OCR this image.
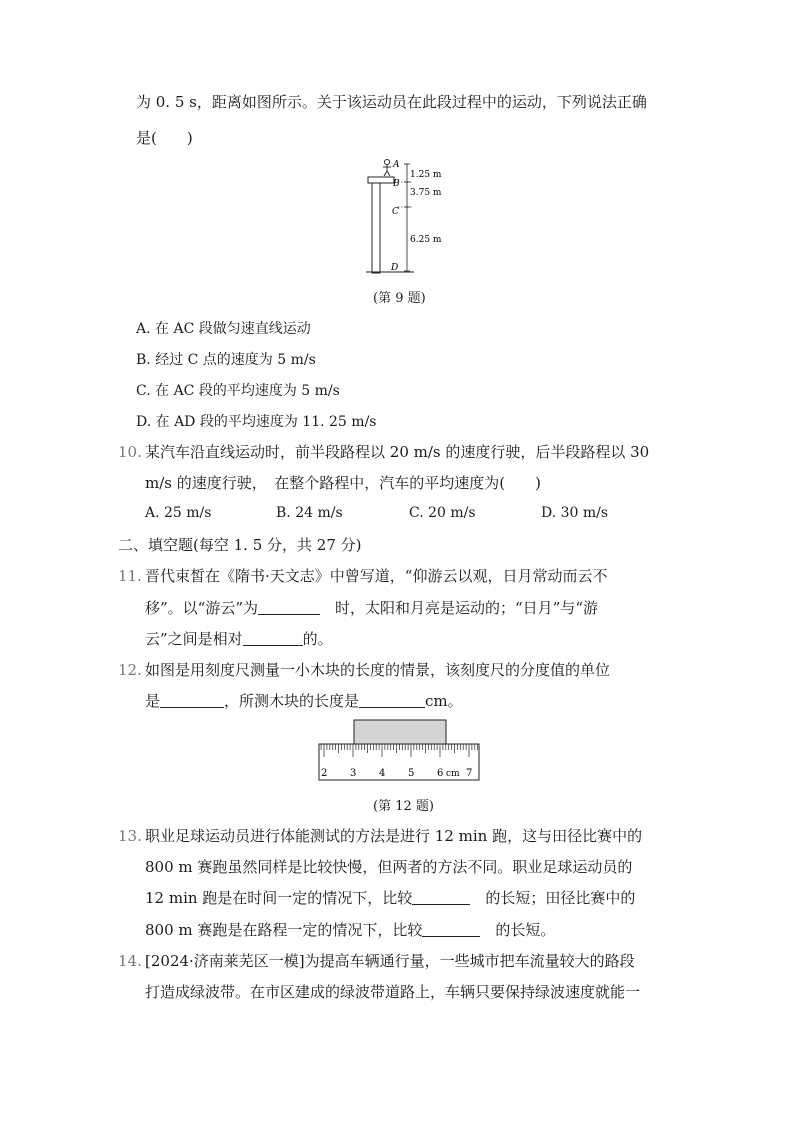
为 0. 5 s，距离如图所示。关于该运动员在此段过程中的运动，下列说法正确
是(　　)
A
B
C
D
1.25 m
3.75 m
6.25 m
(第 9 题)
A. 在 AC 段做匀速直线运动
B. 经过 C 点的速度为 5 m/s
C. 在 AC 段的平均速度为 5 m/s
D. 在 AD 段的平均速度为 11. 25 m/s
10. 某汽车沿直线运动时，前半段路程以 20 m/s 的速度行驶，后半段路程以 30
m/s 的速度行驶，　在整个路程中，汽车的平均速度为(　　)
A. 25 m/s	B. 24 m/s	C. 20 m/s	D. 30 m/s
二、填空题(每空 1. 5 分，共 27 分)
11. 晋代束皙在《隋书·天文志》中曾写道，“仰游云以观，日月常动而云不
移”。以“游云”为	　时，太阳和月亮是运动的；“日月”与“游
云”之间是相对	的。
12. 如图是用刻度尺测量一小木块的长度的情景，该刻度尺的分度值的单位
是	，所测木块的长度是	cm。
2 3 4 5 6 cm 7
(第 12 题)
13. 职业足球运动员进行体能测试的方法是进行 12 min 跑，这与田径比赛中的
800 m 赛跑虽然同样是比较快慢，但两者的方法不同。职业足球运动员的
12 min 跑是在时间一定的情况下，比较	　的长短；田径比赛中的
800 m 赛跑是在路程一定的情况下，比较	　的长短。
14. [2024·济南莱芜区一模]为提高车辆通行量，一些城市把车流量较大的路段
打造成绿波带。在市区建成的绿波带道路上，车辆只要保持绿波速度就能一
